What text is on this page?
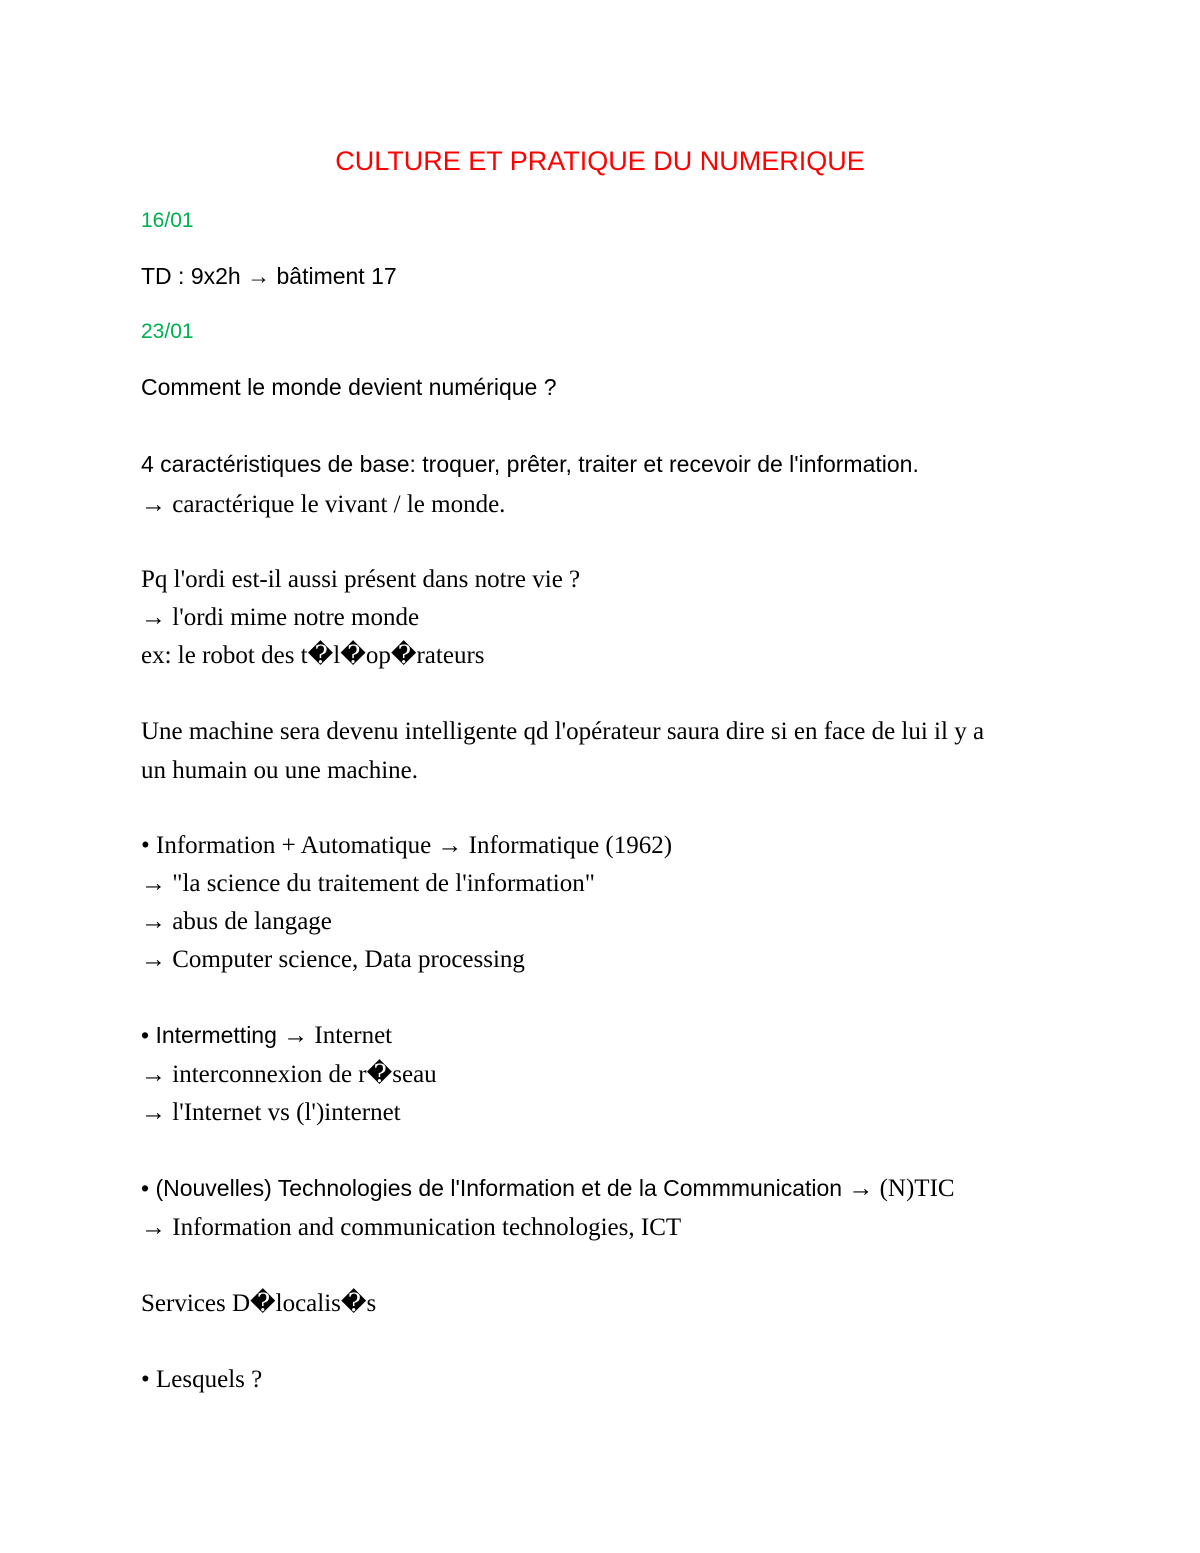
CULTURE ET PRATIQUE DU NUMERIQUE
16/01
TD : 9x2h → bâtiment 17
23/01
Comment le monde devient numérique ?
4 caractéristiques de base: troquer, prêter, traiter et recevoir de l'information.
→ caractérique le vivant / le monde.
Pq l'ordi est-il aussi présent dans notre vie ?
→ l'ordi mime notre monde
ex: le robot des t�l�op�rateurs
Une machine sera devenu intelligente qd l'opérateur saura dire si en face de lui il y a
un humain ou une machine.
• Information + Automatique → Informatique (1962)
→ "la science du traitement de l'information"
→ abus de langage
→ Computer science, Data processing
• Intermetting → Internet
→ interconnexion de r�seau
→ l'Internet vs (l')internet
• (Nouvelles) Technologies de l'Information et de la Commmunication → (N)TIC
→ Information and communication technologies, ICT
Services D�localis�s
• Lesquels ?
